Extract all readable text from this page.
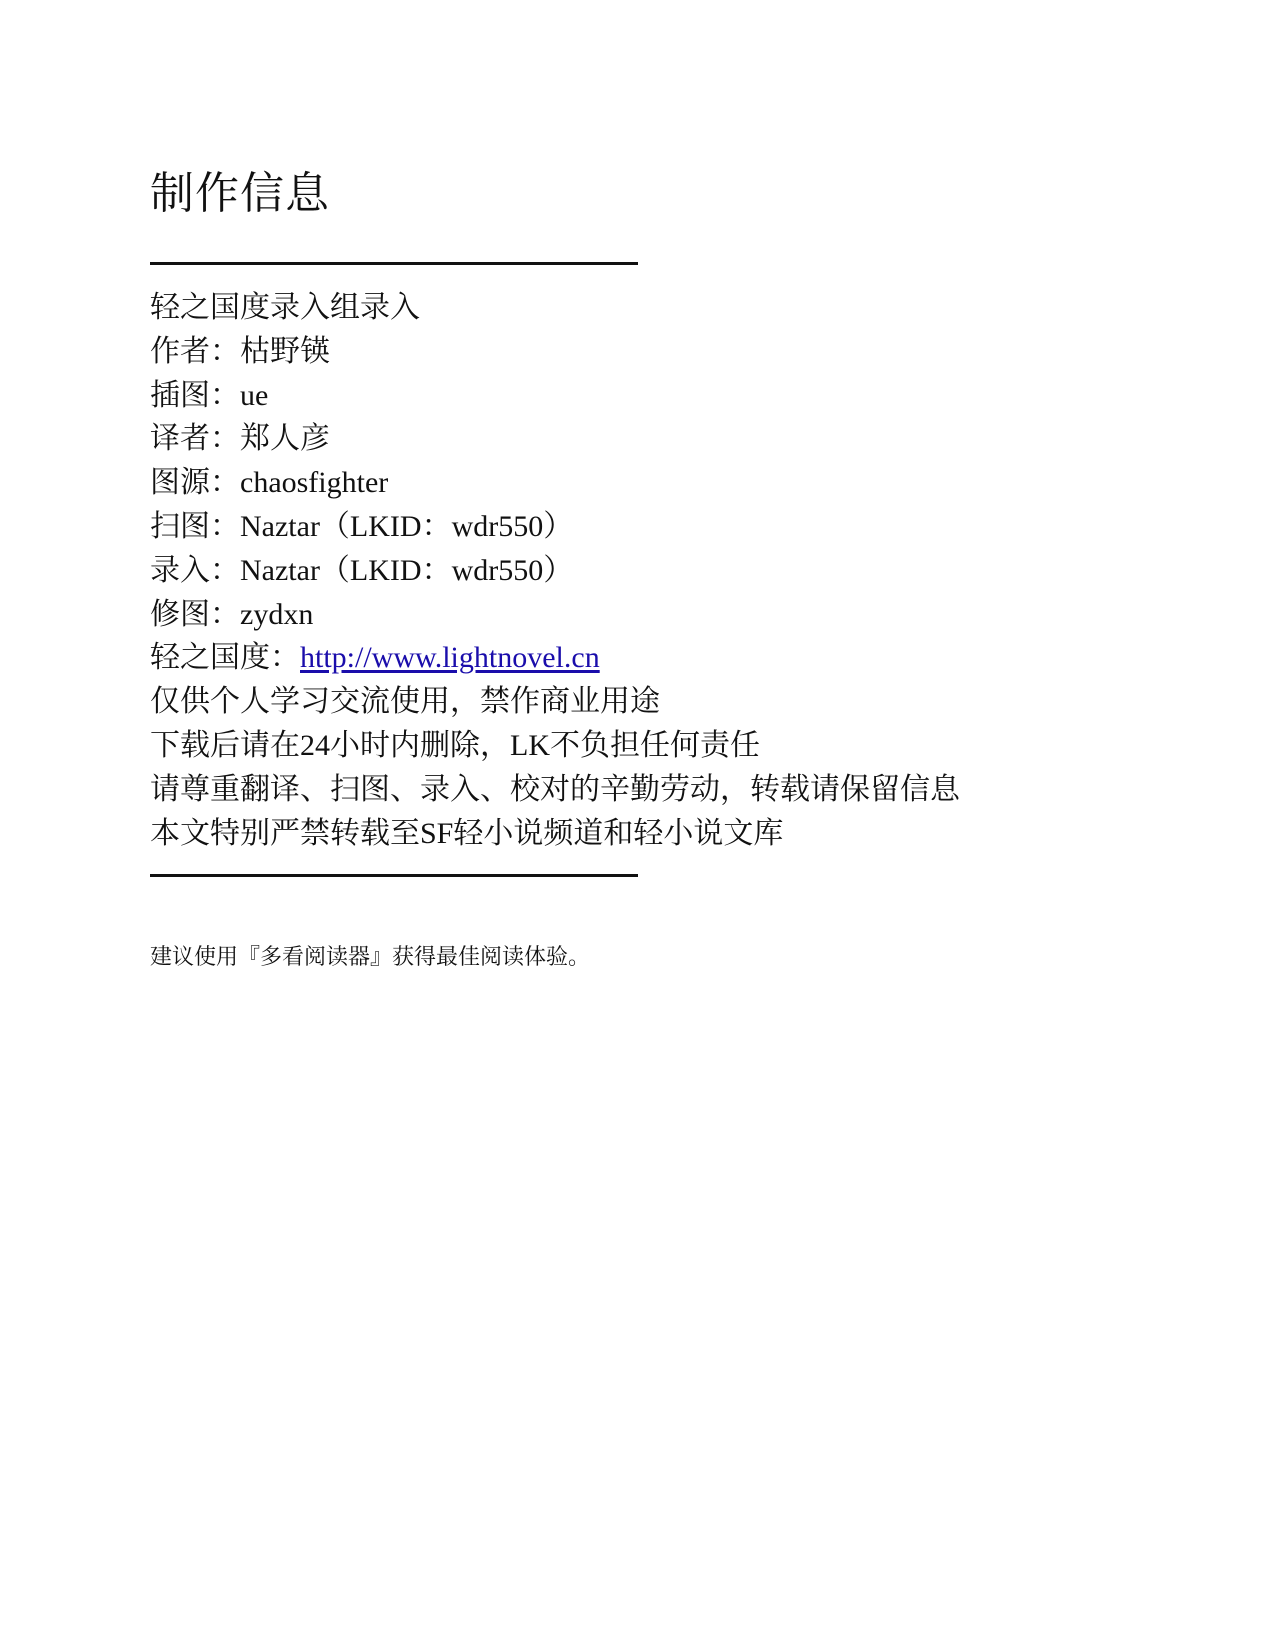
制作信息
轻之国度录入组录入
作者：枯野锳
插图：ue
译者：郑人彦
图源：chaosfighter
扫图：Naztar（LKID：wdr550）
录入：Naztar（LKID：wdr550）
修图：zydxn
轻之国度：http://www.lightnovel.cn
仅供个人学习交流使用，禁作商业用途
下载后请在24小时内删除，LK不负担任何责任
请尊重翻译、扫图、录入、校对的辛勤劳动，转载请保留信息
本文特别严禁转载至SF轻小说频道和轻小说文库
建议使用『多看阅读器』获得最佳阅读体验。
